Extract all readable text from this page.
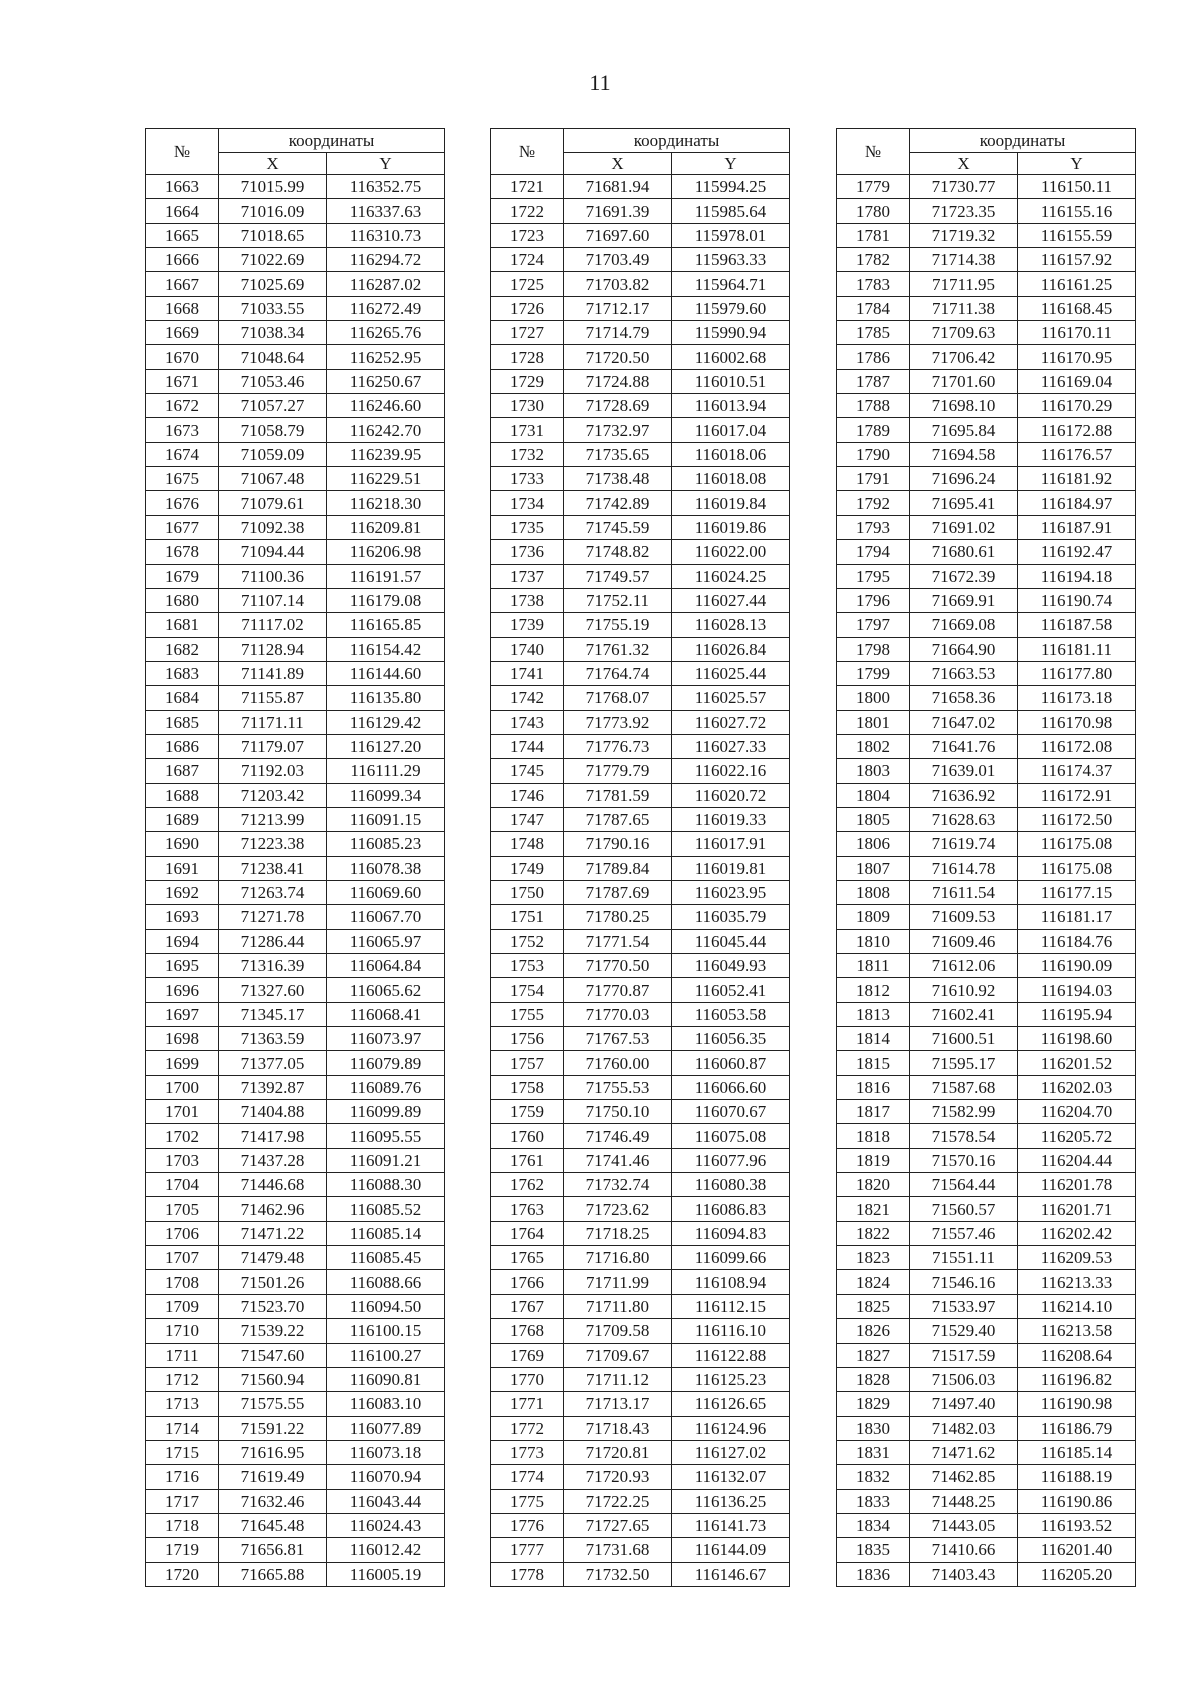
11
№	координаты	
	X	Y
1663	71015.99	116352.75
1664	71016.09	116337.63
1665	71018.65	116310.73
1666	71022.69	116294.72
1667	71025.69	116287.02
1668	71033.55	116272.49
1669	71038.34	116265.76
1670	71048.64	116252.95
1671	71053.46	116250.67
1672	71057.27	116246.60
1673	71058.79	116242.70
1674	71059.09	116239.95
1675	71067.48	116229.51
1676	71079.61	116218.30
1677	71092.38	116209.81
1678	71094.44	116206.98
1679	71100.36	116191.57
1680	71107.14	116179.08
1681	71117.02	116165.85
1682	71128.94	116154.42
1683	71141.89	116144.60
1684	71155.87	116135.80
1685	71171.11	116129.42
1686	71179.07	116127.20
1687	71192.03	116111.29
1688	71203.42	116099.34
1689	71213.99	116091.15
1690	71223.38	116085.23
1691	71238.41	116078.38
1692	71263.74	116069.60
1693	71271.78	116067.70
1694	71286.44	116065.97
1695	71316.39	116064.84
1696	71327.60	116065.62
1697	71345.17	116068.41
1698	71363.59	116073.97
1699	71377.05	116079.89
1700	71392.87	116089.76
1701	71404.88	116099.89
1702	71417.98	116095.55
1703	71437.28	116091.21
1704	71446.68	116088.30
1705	71462.96	116085.52
1706	71471.22	116085.14
1707	71479.48	116085.45
1708	71501.26	116088.66
1709	71523.70	116094.50
1710	71539.22	116100.15
1711	71547.60	116100.27
1712	71560.94	116090.81
1713	71575.55	116083.10
1714	71591.22	116077.89
1715	71616.95	116073.18
1716	71619.49	116070.94
1717	71632.46	116043.44
1718	71645.48	116024.43
1719	71656.81	116012.42
1720	71665.88	116005.19
№	координаты	
	X	Y
1721	71681.94	115994.25
1722	71691.39	115985.64
1723	71697.60	115978.01
1724	71703.49	115963.33
1725	71703.82	115964.71
1726	71712.17	115979.60
1727	71714.79	115990.94
1728	71720.50	116002.68
1729	71724.88	116010.51
1730	71728.69	116013.94
1731	71732.97	116017.04
1732	71735.65	116018.06
1733	71738.48	116018.08
1734	71742.89	116019.84
1735	71745.59	116019.86
1736	71748.82	116022.00
1737	71749.57	116024.25
1738	71752.11	116027.44
1739	71755.19	116028.13
1740	71761.32	116026.84
1741	71764.74	116025.44
1742	71768.07	116025.57
1743	71773.92	116027.72
1744	71776.73	116027.33
1745	71779.79	116022.16
1746	71781.59	116020.72
1747	71787.65	116019.33
1748	71790.16	116017.91
1749	71789.84	116019.81
1750	71787.69	116023.95
1751	71780.25	116035.79
1752	71771.54	116045.44
1753	71770.50	116049.93
1754	71770.87	116052.41
1755	71770.03	116053.58
1756	71767.53	116056.35
1757	71760.00	116060.87
1758	71755.53	116066.60
1759	71750.10	116070.67
1760	71746.49	116075.08
1761	71741.46	116077.96
1762	71732.74	116080.38
1763	71723.62	116086.83
1764	71718.25	116094.83
1765	71716.80	116099.66
1766	71711.99	116108.94
1767	71711.80	116112.15
1768	71709.58	116116.10
1769	71709.67	116122.88
1770	71711.12	116125.23
1771	71713.17	116126.65
1772	71718.43	116124.96
1773	71720.81	116127.02
1774	71720.93	116132.07
1775	71722.25	116136.25
1776	71727.65	116141.73
1777	71731.68	116144.09
1778	71732.50	116146.67
№	координаты	
	X	Y
1779	71730.77	116150.11
1780	71723.35	116155.16
1781	71719.32	116155.59
1782	71714.38	116157.92
1783	71711.95	116161.25
1784	71711.38	116168.45
1785	71709.63	116170.11
1786	71706.42	116170.95
1787	71701.60	116169.04
1788	71698.10	116170.29
1789	71695.84	116172.88
1790	71694.58	116176.57
1791	71696.24	116181.92
1792	71695.41	116184.97
1793	71691.02	116187.91
1794	71680.61	116192.47
1795	71672.39	116194.18
1796	71669.91	116190.74
1797	71669.08	116187.58
1798	71664.90	116181.11
1799	71663.53	116177.80
1800	71658.36	116173.18
1801	71647.02	116170.98
1802	71641.76	116172.08
1803	71639.01	116174.37
1804	71636.92	116172.91
1805	71628.63	116172.50
1806	71619.74	116175.08
1807	71614.78	116175.08
1808	71611.54	116177.15
1809	71609.53	116181.17
1810	71609.46	116184.76
1811	71612.06	116190.09
1812	71610.92	116194.03
1813	71602.41	116195.94
1814	71600.51	116198.60
1815	71595.17	116201.52
1816	71587.68	116202.03
1817	71582.99	116204.70
1818	71578.54	116205.72
1819	71570.16	116204.44
1820	71564.44	116201.78
1821	71560.57	116201.71
1822	71557.46	116202.42
1823	71551.11	116209.53
1824	71546.16	116213.33
1825	71533.97	116214.10
1826	71529.40	116213.58
1827	71517.59	116208.64
1828	71506.03	116196.82
1829	71497.40	116190.98
1830	71482.03	116186.79
1831	71471.62	116185.14
1832	71462.85	116188.19
1833	71448.25	116190.86
1834	71443.05	116193.52
1835	71410.66	116201.40
1836	71403.43	116205.20
